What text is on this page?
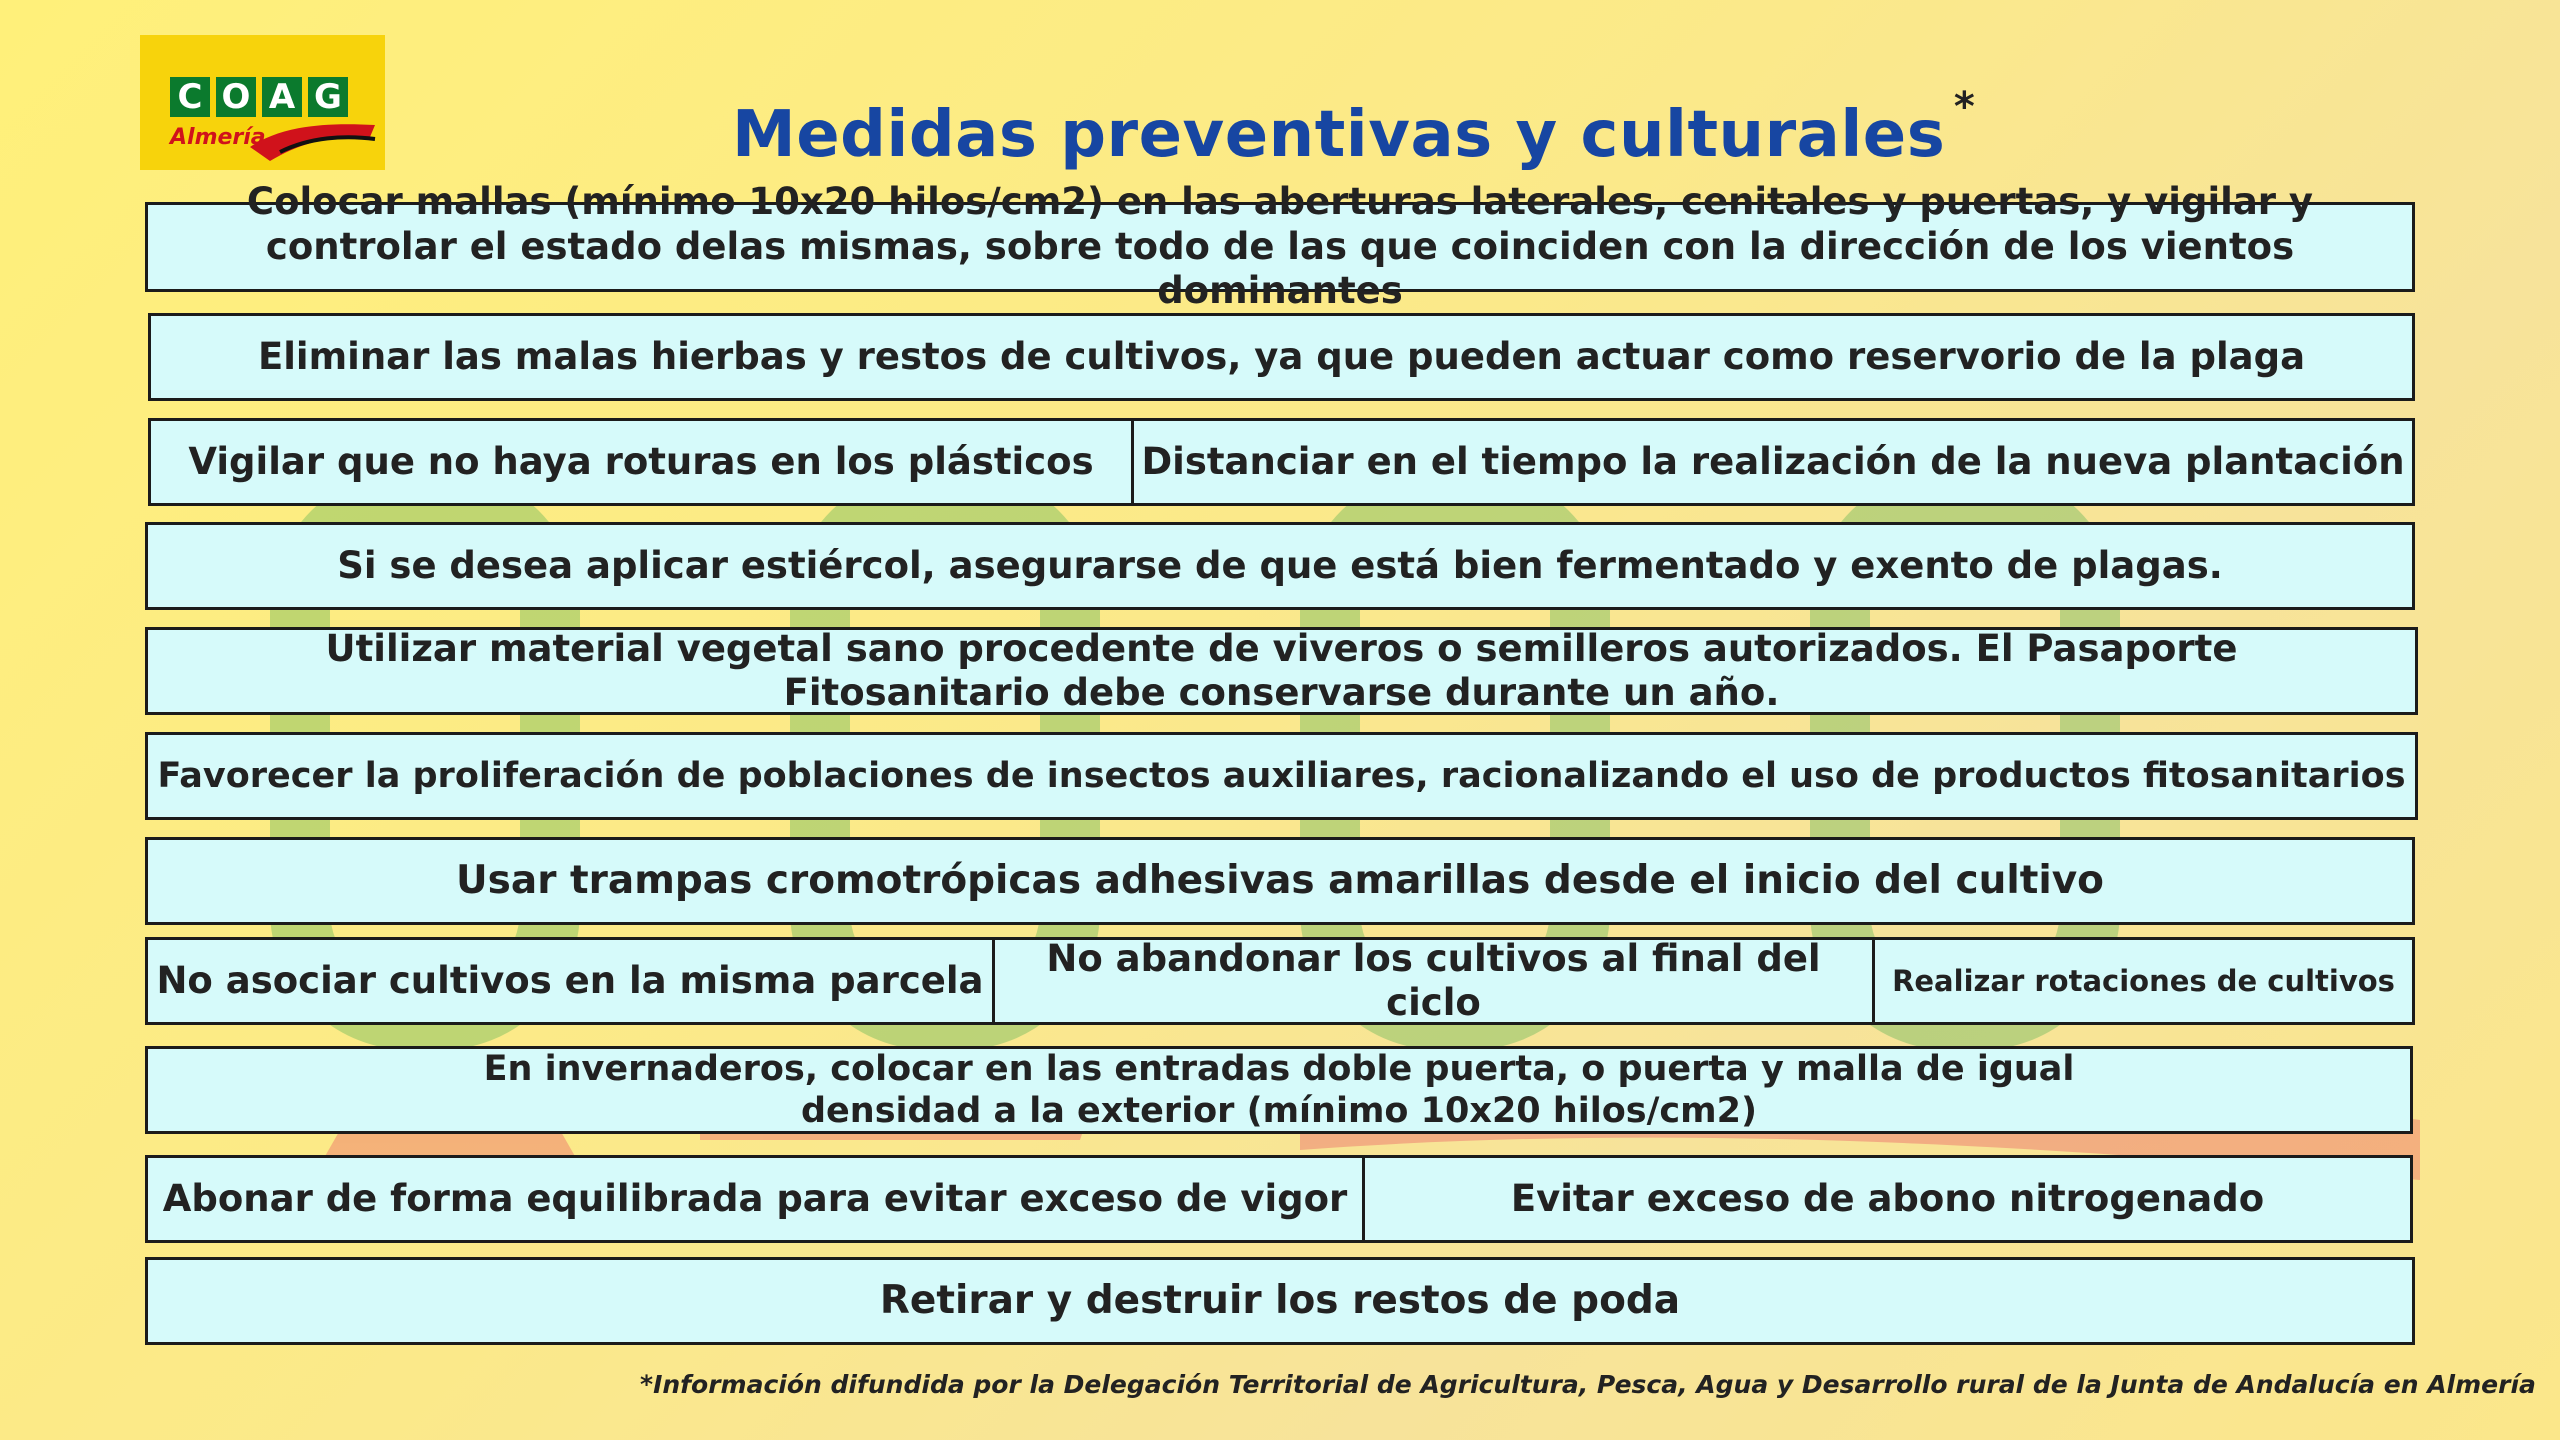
C O A G
Almería	Medidas preventivas y culturales *
Colocar mallas (mínimo 10x20 hilos/cm2) en las aberturas laterales, cenitales y puertas, y vigilar y controlar el estado delas mismas, sobre todo de las que coinciden con la dirección de los vientos dominantes
Eliminar las malas hierbas y restos de cultivos, ya que pueden actuar como reservorio de la plaga
Vigilar que no haya roturas en los plásticos Distanciar en el tiempo la realización de la nueva plantación
Si se desea aplicar estiércol, asegurarse de que está bien fermentado y exento de plagas.
Utilizar material vegetal sano procedente de viveros o semilleros autorizados. El Pasaporte Fitosanitario debe conservarse durante un año.
Favorecer la proliferación de poblaciones de insectos auxiliares, racionalizando el uso de productos fitosanitarios
Usar trampas cromotrópicas adhesivas amarillas desde el inicio del cultivo
No asociar cultivos en la misma parcela
No abandonar los cultivos al final del ciclo
Realizar rotaciones de cultivos
En invernaderos, colocar en las entradas doble puerta, o puerta y malla de igual densidad a la exterior (mínimo 10x20 hilos/cm2)
Abonar de forma equilibrada para evitar exceso de vigor	Evitar exceso de abono nitrogenado
Retirar y destruir los restos de poda
*Información difundida por la Delegación Territorial de Agricultura, Pesca, Agua y Desarrollo rural de la Junta de Andalucía en Almería
